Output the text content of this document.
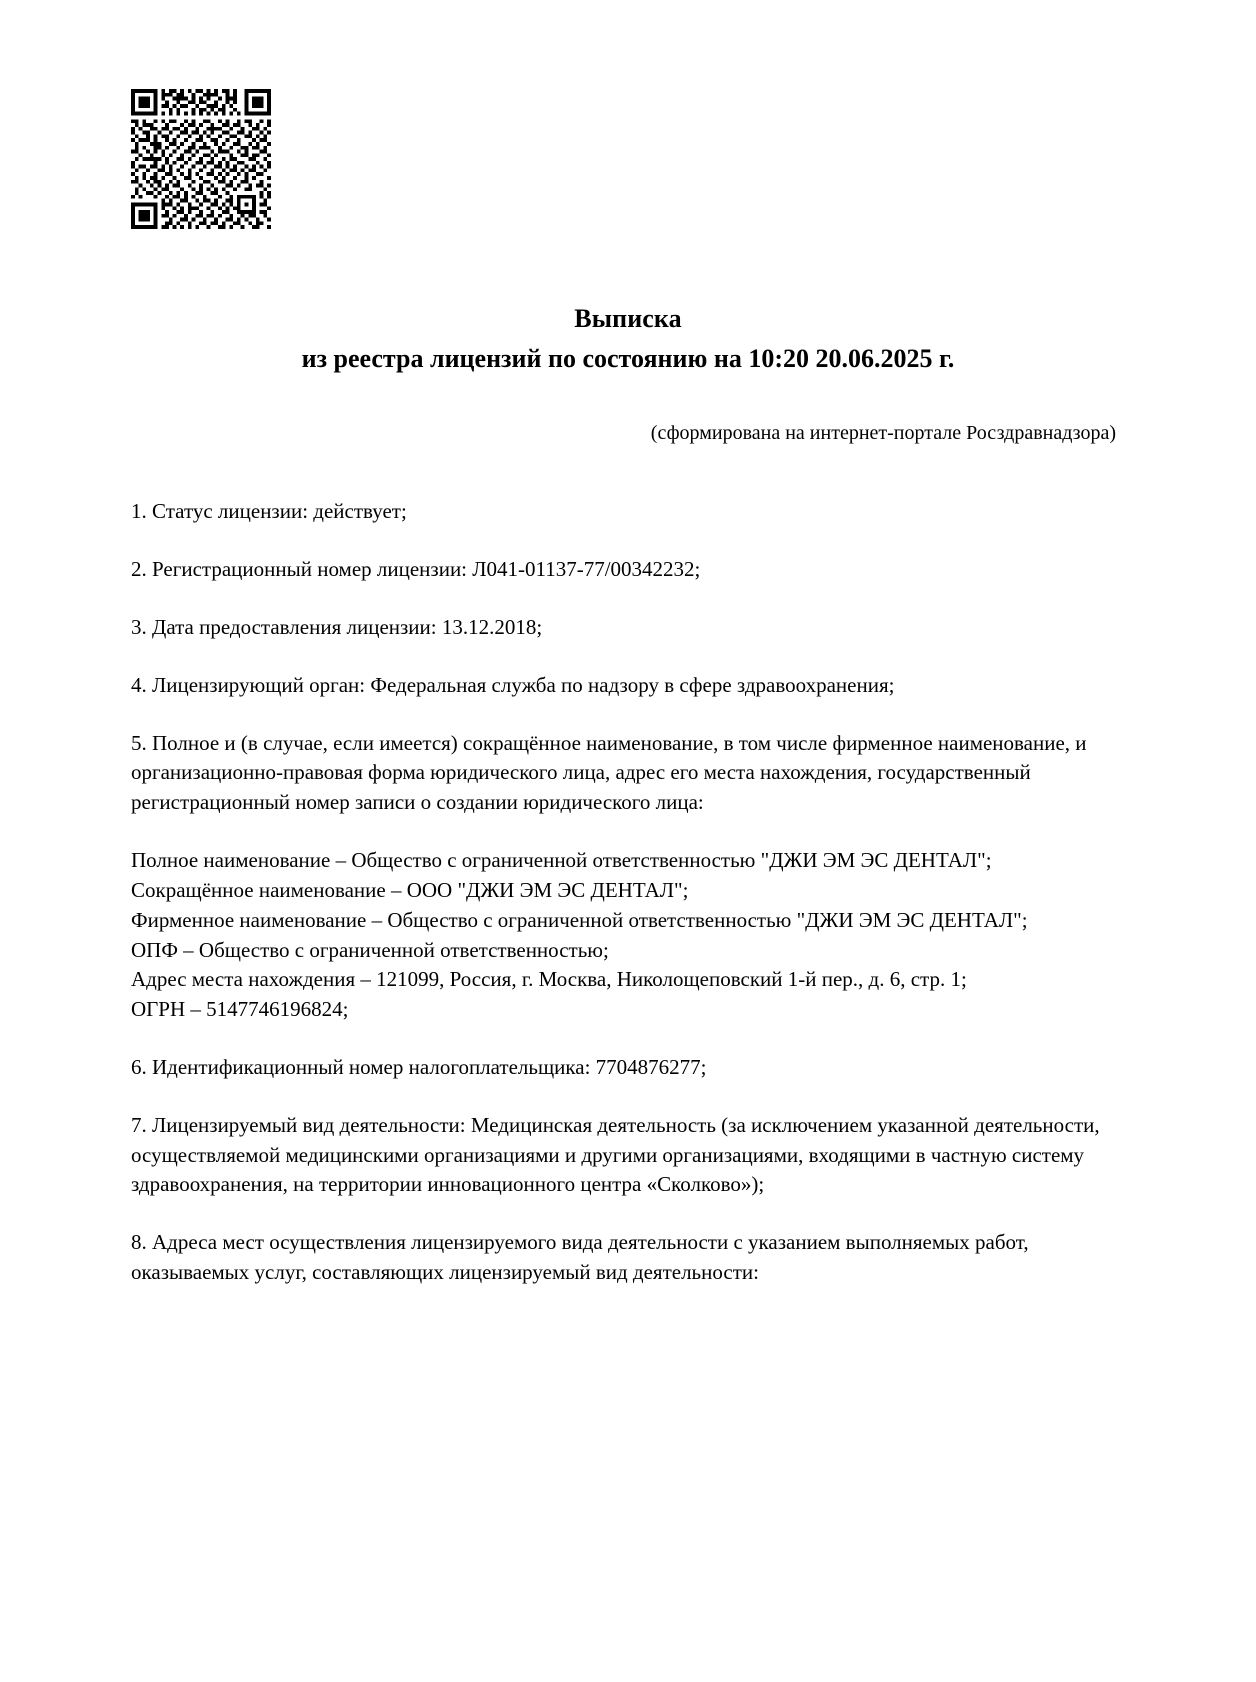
Выписка
из реестра лицензий по состоянию на 10:20 20.06.2025 г.
(сформирована на интернет-портале Росздравнадзора)

1. Статус лицензии: действует;

2. Регистрационный номер лицензии: Л041-01137-77/00342232;

3. Дата предоставления лицензии: 13.12.2018;

4. Лицензирующий орган: Федеральная служба по надзору в сфере здравоохранения;

5. Полное и (в случае, если имеется) сокращённое наименование, в том числе фирменное наименование, и организационно-правовая форма юридического лица, адрес его места нахождения, государственный регистрационный номер записи о создании юридического лица:

Полное наименование – Общество с ограниченной ответственностью "ДЖИ ЭМ ЭС ДЕНТАЛ";

Сокращённое наименование – ООО "ДЖИ ЭМ ЭС ДЕНТАЛ";

Фирменное наименование – Общество с ограниченной ответственностью "ДЖИ ЭМ ЭС ДЕНТАЛ";

ОПФ – Общество с ограниченной ответственностью;

Адрес места нахождения – 121099, Россия, г. Москва, Николощеповский 1-й пер., д. 6, стр. 1;

ОГРН – 5147746196824;

6. Идентификационный номер налогоплательщика: 7704876277;

7. Лицензируемый вид деятельности: Медицинская деятельность (за исключением указанной деятельности, осуществляемой медицинскими организациями и другими организациями, входящими в частную систему здравоохранения, на территории инновационного центра «Сколково»);

8. Адреса мест осуществления лицензируемого вида деятельности с указанием выполняемых работ, оказываемых услуг, составляющих лицензируемый вид деятельности:
